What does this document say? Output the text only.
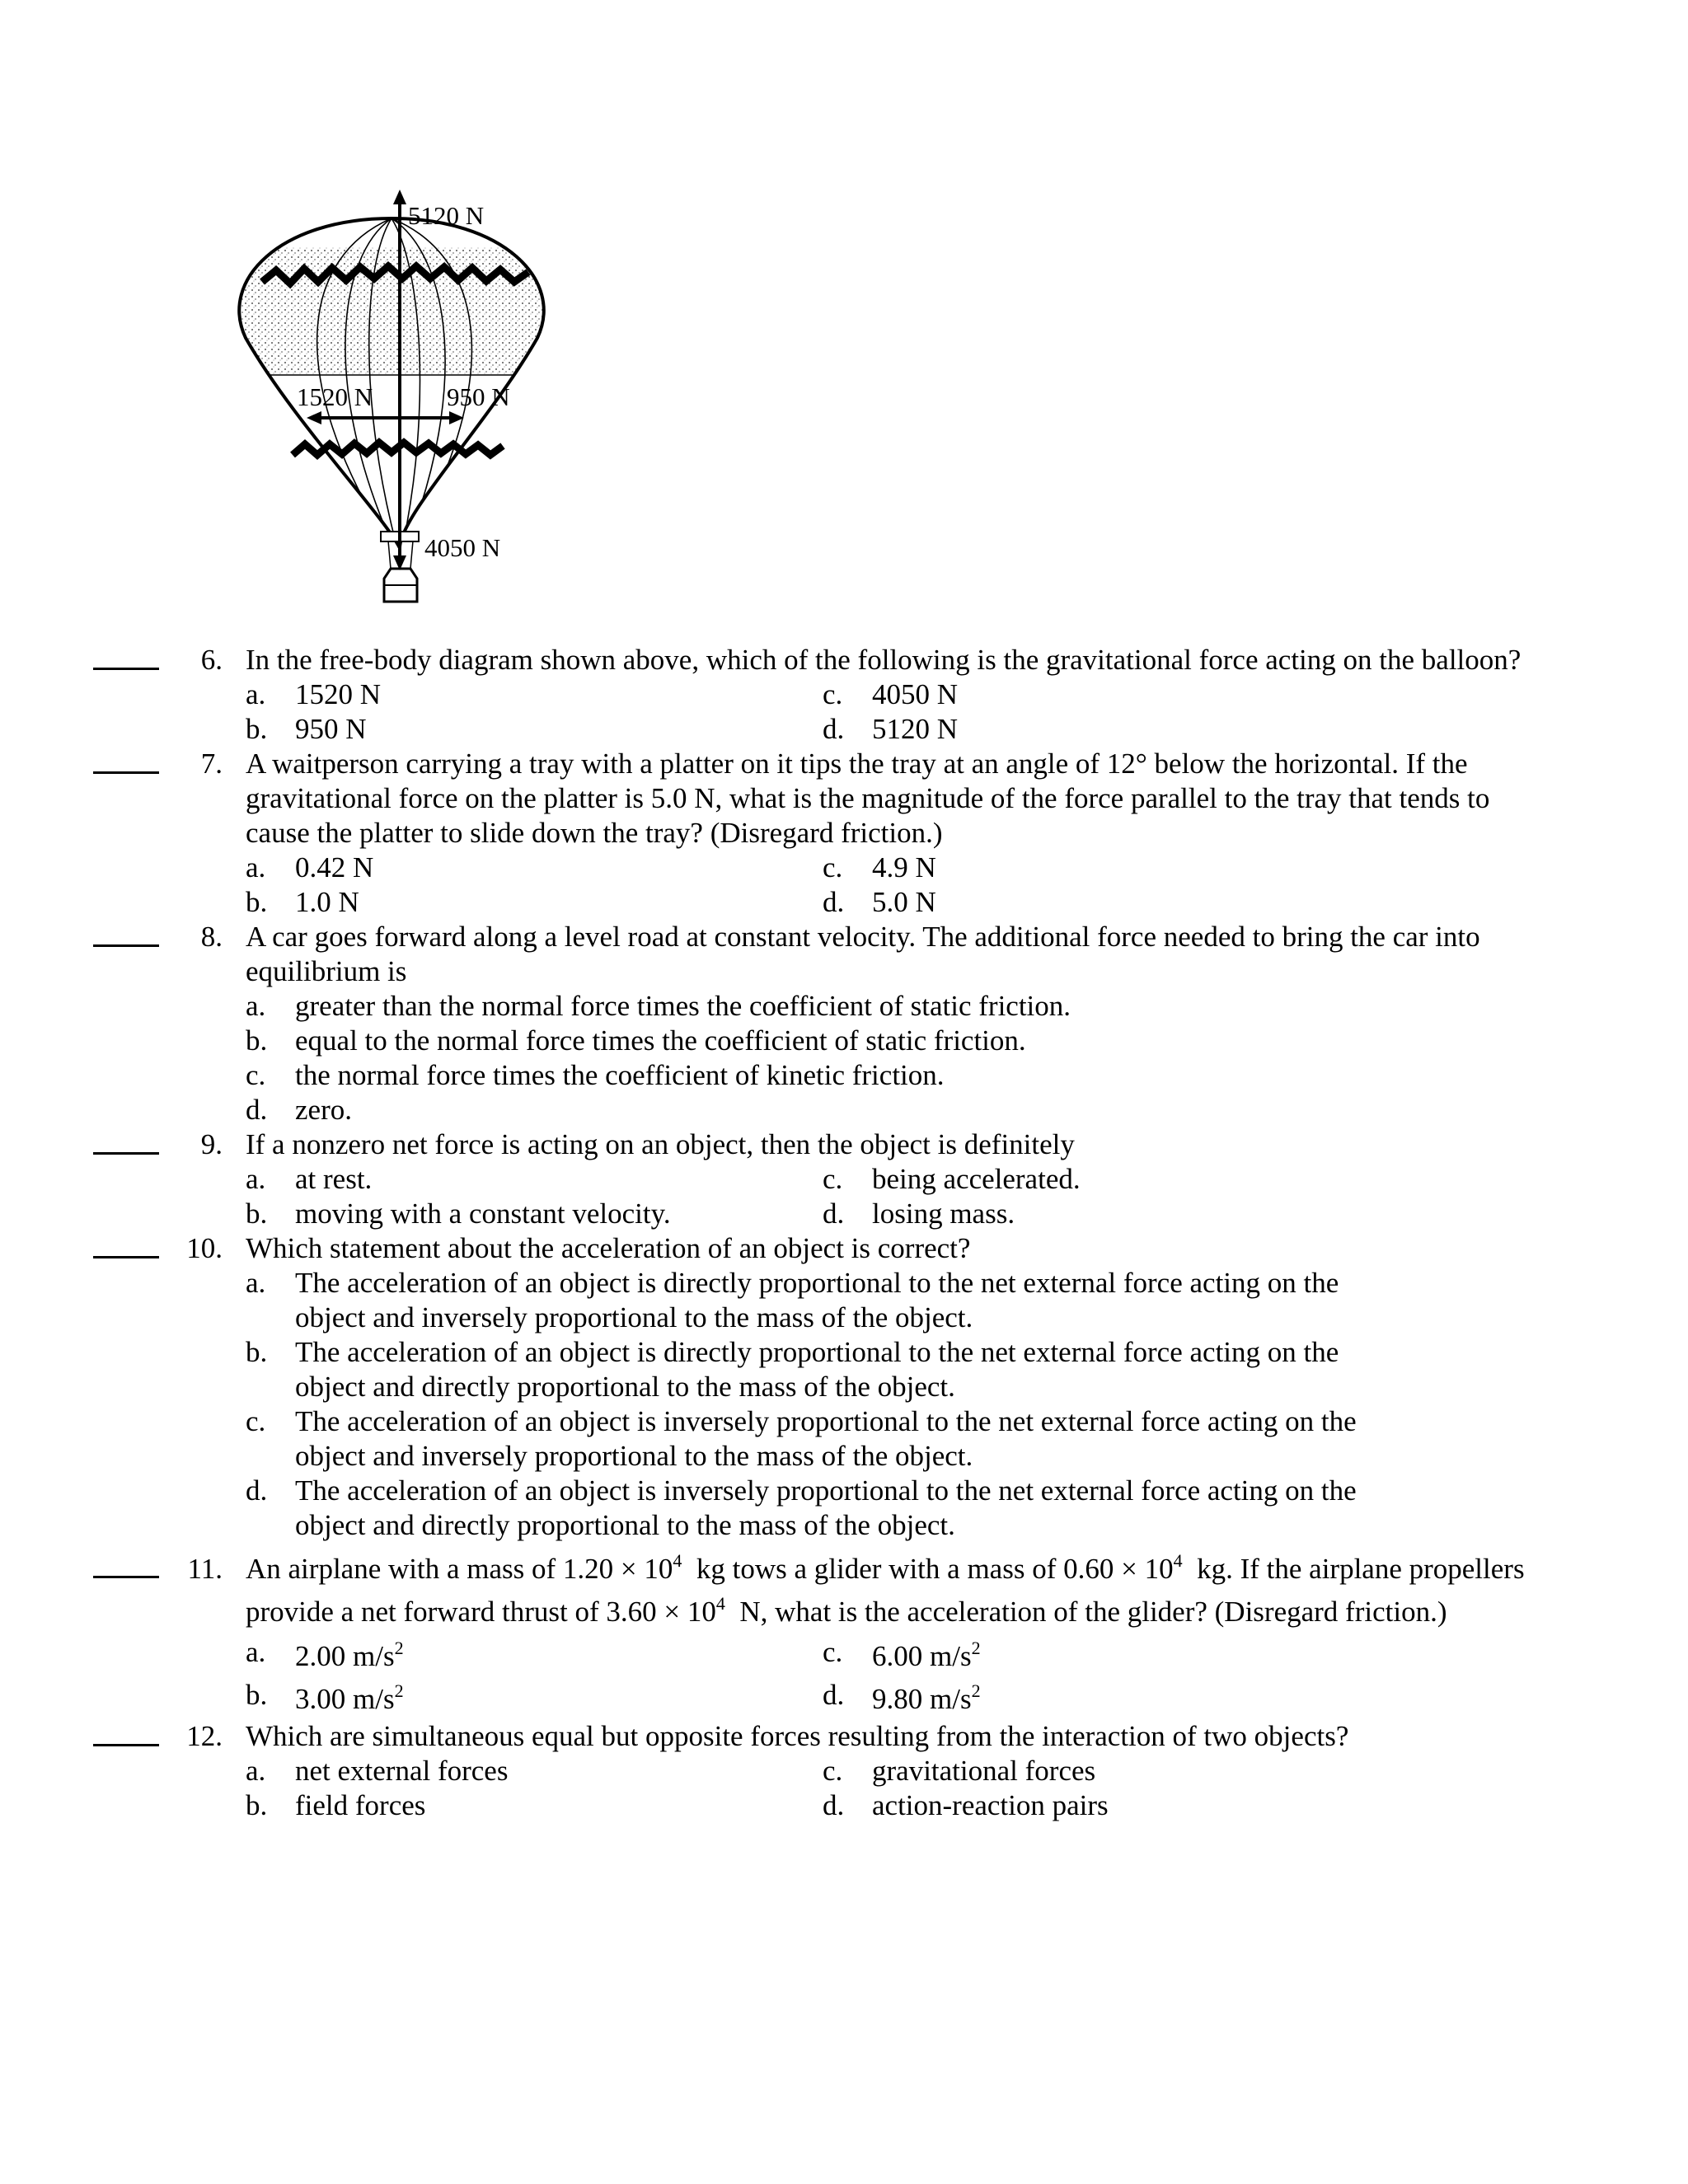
5120 N
1520 N	950 N
4050 N
6. In the free-body diagram shown above, which of the following is the gravitational force acting on the balloon?
a.	1520 N	c.	4050 N
b. 950 N	d. 5120 N
7. A waitperson carrying a tray with a platter on it tips the tray at an angle of 12° below the horizontal. If the gravitational force on the platter is 5.0 N, what is the magnitude of the force parallel to the tray that tends to cause the platter to slide down the tray? (Disregard friction.)
a.	0.42 N	c.	4.9 N
b. 1.0 N	d. 5.0 N
8. A car goes forward along a level road at constant velocity. The additional force needed to bring the car into equilibrium is
a.	greater than the normal force times the coefficient of static friction.
b. equal to the normal force times the coefficient of static friction.
c.	the normal force times the coefficient of kinetic friction.
d. zero.
9. If a nonzero net force is acting on an object, then the object is definitely
a.	at rest.	c.	being accelerated.
b. moving with a constant velocity.	d. losing mass.
10. Which statement about the acceleration of an object is correct?
a.	The acceleration of an object is directly proportional to the net external force acting on the object and inversely proportional to the mass of the object.
b. The acceleration of an object is directly proportional to the net external force acting on the object and directly proportional to the mass of the object.
c.	The acceleration of an object is inversely proportional to the net external force acting on the object and inversely proportional to the mass of the object.
d. The acceleration of an object is inversely proportional to the net external force acting on the object and directly proportional to the mass of the object.
11. An airplane with a mass of $1.20 \times 10^4$  kg tows a glider with a mass of $0.60 \times 10^4$  kg. If the airplane propellers provide a net forward thrust of $3.60 \times 10^4$  N, what is the acceleration of the glider? (Disregard friction.)
a.	2.00 $m/s^2$	c.	6.00 $m/s^2$
b. 3.00 $m/s^2$	d. 9.80 $m/s^2$
12. Which are simultaneous equal but opposite forces resulting from the interaction of two objects?
a.	net external forces	c.	gravitational forces
b. field forces	d. action-reaction pairs
